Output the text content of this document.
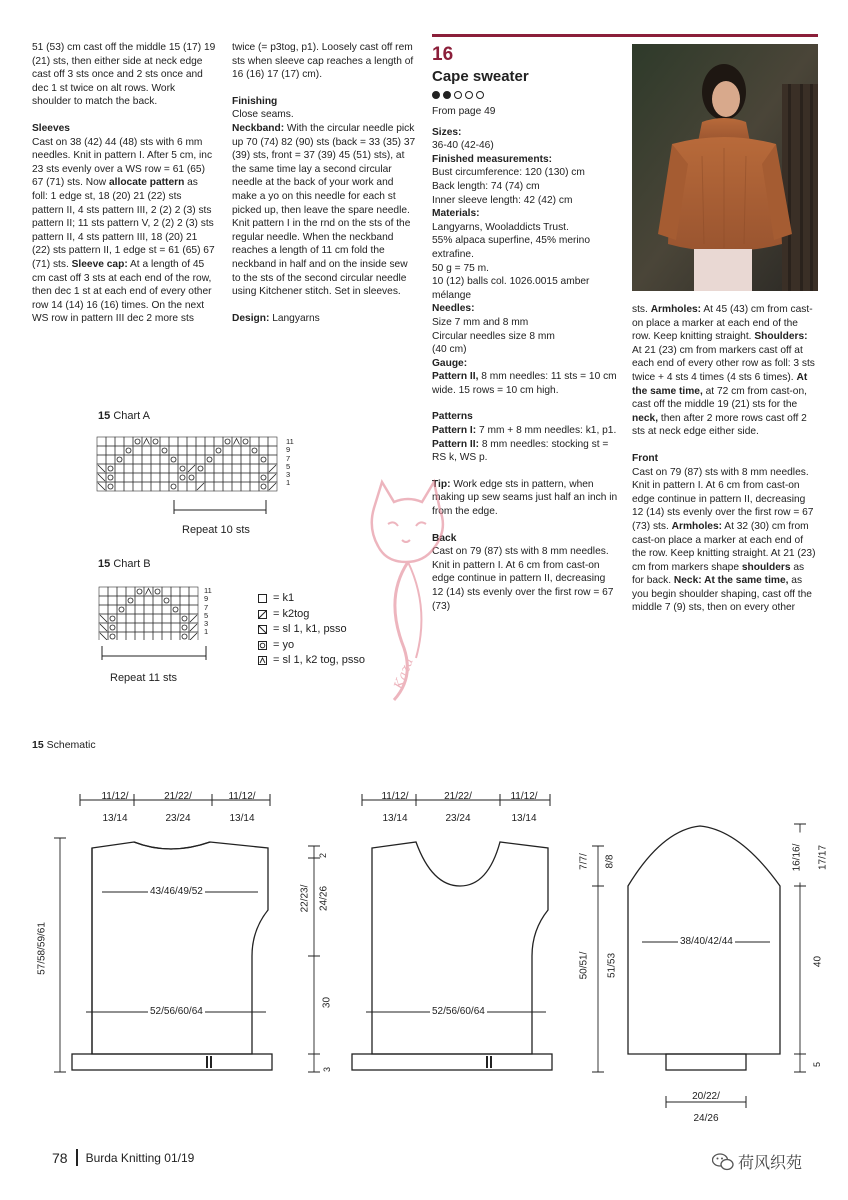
51 (53) cm cast off the middle 15 (17) 19 (21) sts, then either side at neck edge cast off 3 sts once and 2 sts once and dec 1 st twice on alt rows. Work shoulder to match the back.

Sleeves

Cast on 38 (42) 44 (48) sts with 6 mm needles. Knit in pattern I. After 5 cm, inc 23 sts evenly over a WS row = 61 (65) 67 (71) sts. Now allocate pattern as foll: 1 edge st, 18 (20) 21 (22) sts pattern II, 4 sts pattern III, 2 (2) 2 (3) sts pattern II; 11 sts pattern V, 2 (2) 2 (3) sts pattern II, 4 sts pattern III, 18 (20) 21 (22) sts pattern II, 1 edge st = 61 (65) 67 (71) sts. Sleeve cap: At a length of 45 cm cast off 3 sts at each end of the row, then dec 1 st at each end of every other row 14 (14) 16 (16) times. On the next WS row in pattern III dec 2 more sts

twice (= p3tog, p1). Loosely cast off rem sts when sleeve cap reaches a length of 16 (16) 17 (17) cm).

Finishing

Close seams.

Neckband: With the circular needle pick up 70 (74) 82 (90) sts (back = 33 (35) 37 (39) sts, front = 37 (39) 45 (51) sts), at the same time lay a second circular needle at the back of your work and make a yo on this needle for each st picked up, then leave the spare needle. Knit pattern I in the rnd on the sts of the regular needle. When the neckband reaches a length of 11 cm fold the neckband in half and on the inside sew to the sts of the second circular needle using Kitchener stitch. Set in sleeves.

Design: Langyarns

16
Cape sweater

From page 49

Sizes:

36-40 (42-46)

Finished measurements:

Bust circumference: 120 (130) cm

Back length: 74 (74) cm

Inner sleeve length: 42 (42) cm

Materials:

Langyarns, Wooladdicts Trust.

55% alpaca superfine, 45% merino extrafine.

50 g = 75 m.

10 (12) balls col. 1026.0015 amber mélange

Needles:

Size 7 mm and 8 mm

Circular needles size 8 mm

(40 cm)

Gauge:

Pattern II, 8 mm needles: 11 sts = 10 cm wide. 15 rows = 10 cm high.

Patterns

Pattern I: 7 mm + 8 mm needles: k1, p1.

Pattern II: 8 mm needles: stocking st = RS k, WS p.

Tip: Work edge sts in pattern, when making up sew seams just half an inch in from the edge.

Back

Cast on 79 (87) sts with 8 mm needles. Knit in pattern I. At 6 cm from cast-on edge continue in pattern II, decreasing 12 (14) sts evenly over the first row = 67 (73)

sts. Armholes: At 45 (43) cm from cast-on place a marker at each end of the row. Keep knitting straight. Shoulders: At 21 (23) cm from markers cast off at each end of every other row as foll: 3 sts twice + 4 sts 4 times (4 sts 6 times). At the same time, at 72 cm from cast-on, cast off the middle 19 (21) sts for the neck, then after 2 more rows cast off 2 sts at neck edge either side.

Front

Cast on 79 (87) sts with 8 mm needles. Knit in pattern I. At 6 cm from cast-on edge continue in pattern II, decreasing 12 (14) sts evenly over the first row = 67 (73) sts. Armholes: At 32 (30) cm from cast-on place a marker at each end of the row. Keep knitting straight. At 21 (23) cm from markers shape shoulders as for back. Neck: At the same time, as you begin shoulder shaping, cast off the middle 7 (9) sts, then on every other

15 Chart A
11
9
7
5
3
1
Repeat 10 sts
15 Chart B
11
9
7
5
3
1
Repeat 11 sts
= k1
= k2tog
= sl 1, k1, psso
= yo
= sl 1, k2 tog, psso Kaza
15 Schematic
11/12/
13/14
21/22/
23/24
11/12/
13/14
43/46/49/52
52/56/60/64
57/58/59/61
2
22/23/ 24/26
30
3
11/12/
13/14
21/22/
23/24
11/12/
13/14
52/56/60/64
7/7/ 8/8
50/51/ 51/53
38/40/42/44
20/22/
24/26
16/16/ 17/17
40
5
78 Burda Knitting 01/19	荷风织苑
